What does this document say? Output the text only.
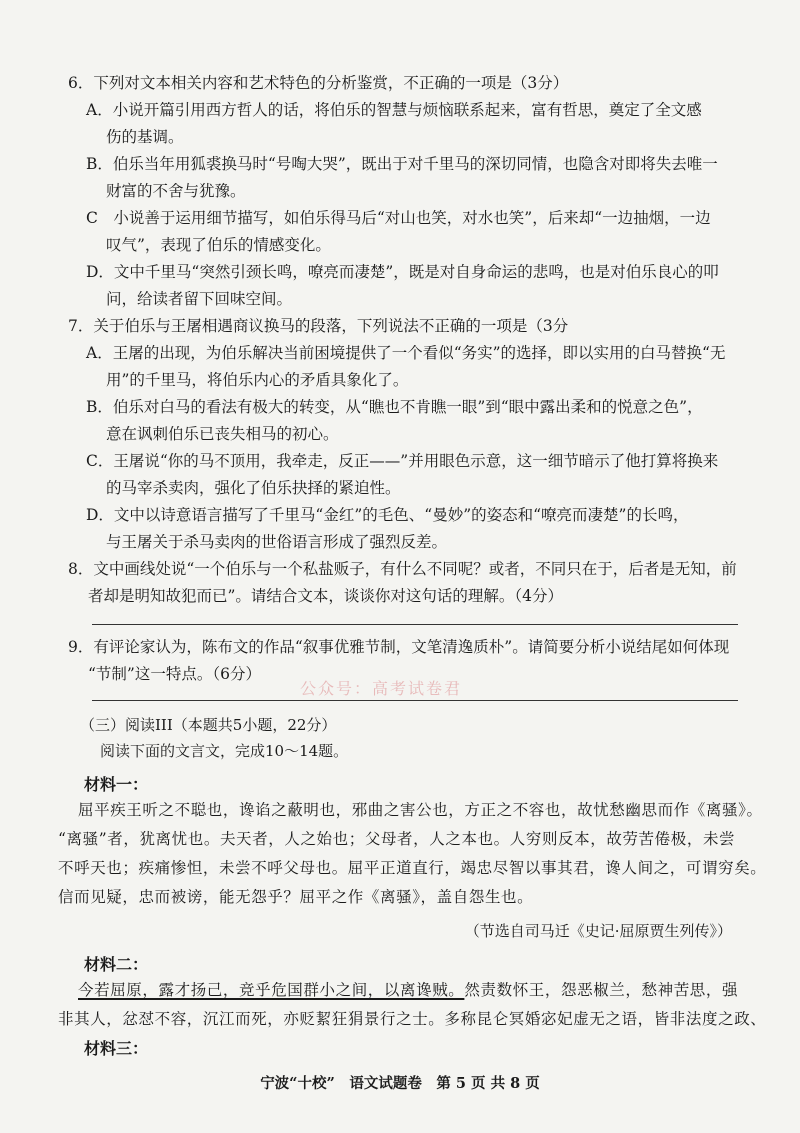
6．下列对文本相关内容和艺术特色的分析鉴赏，不正确的一项是（3分）
A．小说开篇引用西方哲人的话，将伯乐的智慧与烦恼联系起来，富有哲思，奠定了全文感
伤的基调。
B．伯乐当年用狐裘换马时“号啕大哭”，既出于对千里马的深切同情，也隐含对即将失去唯一
财富的不舍与犹豫。
C　小说善于运用细节描写，如伯乐得马后“对山也笑，对水也笑”，后来却“一边抽烟，一边
叹气”，表现了伯乐的情感变化。
D．文中千里马“突然引颈长鸣，嘹亮而凄楚”，既是对自身命运的悲鸣，也是对伯乐良心的叩
问，给读者留下回味空间。
7．关于伯乐与王屠相遇商议换马的段落，下列说法不正确的一项是（3分
A．王屠的出现，为伯乐解决当前困境提供了一个看似“务实”的选择，即以实用的白马替换“无
用”的千里马，将伯乐内心的矛盾具象化了。
B．伯乐对白马的看法有极大的转变，从“瞧也不肯瞧一眼”到“眼中露出柔和的悦意之色”，
意在讽刺伯乐已丧失相马的初心。
C．王屠说“你的马不顶用，我牵走，反正——”并用眼色示意，这一细节暗示了他打算将换来
的马宰杀卖肉，强化了伯乐抉择的紧迫性。
D．文中以诗意语言描写了千里马“金红”的毛色、“曼妙”的姿态和“嘹亮而凄楚”的长鸣，
与王屠关于杀马卖肉的世俗语言形成了强烈反差。
8．文中画线处说“一个伯乐与一个私盐贩子，有什么不同呢？或者，不同只在于，后者是无知，前
者却是明知故犯而已”。请结合文本，谈谈你对这句话的理解。（4分）
9．有评论家认为，陈布文的作品“叙事优雅节制，文笔清逸质朴”。请简要分析小说结尾如何体现
“节制”这一特点。（6分）
公众号：高考试卷君
（三）阅读III（本题共5小题，22分）
阅读下面的文言文，完成10～14题。
材料一：
屈平疾王听之不聪也，谗谄之蔽明也，邪曲之害公也，方正之不容也，故忧愁幽思而作《离骚》。
“离骚”者，犹离忧也。夫天者，人之始也；父母者，人之本也。人穷则反本，故劳苦倦极，未尝
不呼天也；疾痛惨怛，未尝不呼父母也。屈平正道直行，竭忠尽智以事其君，谗人间之，可谓穷矣。
信而见疑，忠而被谤，能无怨乎？屈平之作《离骚》，盖自怨生也。
（节选自司马迁《史记·屈原贾生列传》）
材料二：
今若屈原，露才扬己，竞乎危国群小之间，以离谗贼。然责数怀王，怨恶椒兰，愁神苦思，强
非其人，忿怼不容，沉江而死，亦贬絜狂狷景行之士。多称昆仑冥婚宓妃虚无之语，皆非法度之政、
材料三：
宁波“十校”　语文试题卷　第 5 页 共 8 页
